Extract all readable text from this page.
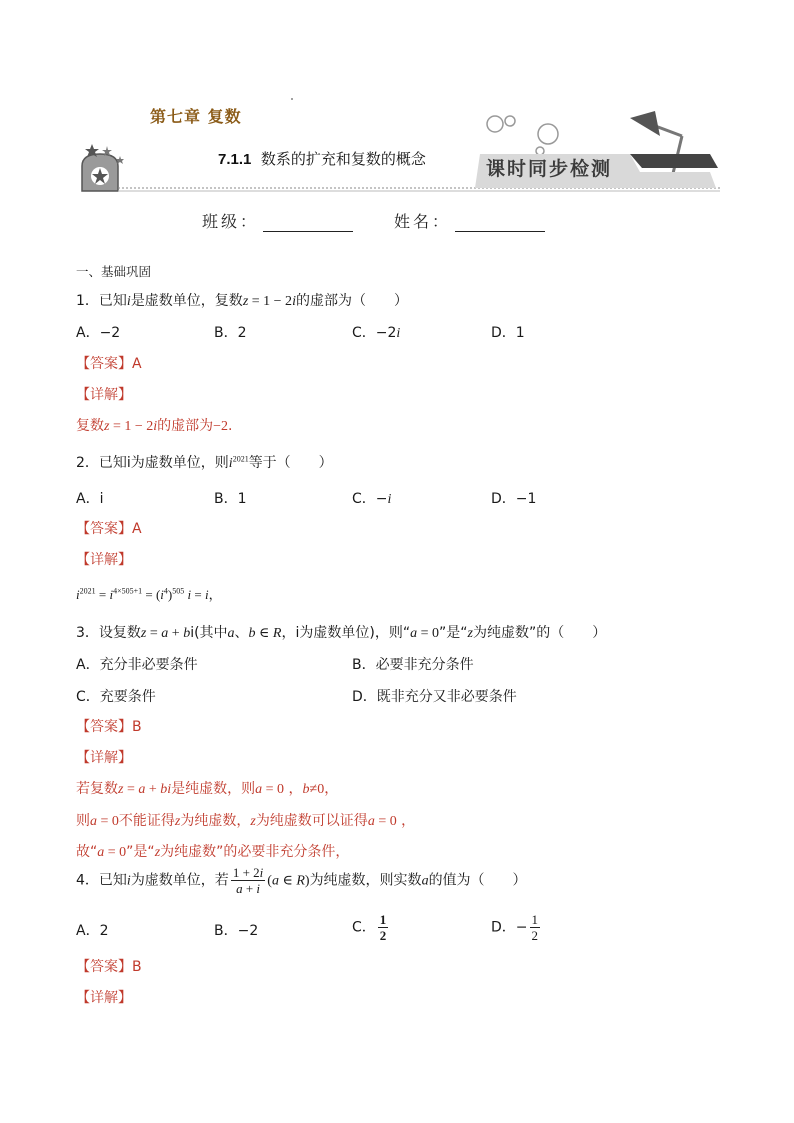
第七章 复数
7.1.1 数系的扩充和复数的概念	课时同步检测
班级：	姓名：
一、基础巩固
1．已知i是虚数单位，复数z = 1 − 2i的虚部为（　　）
A．−2	B．2	C．−2i	D．1
【答案】A
【详解】
复数z = 1 − 2i的虚部为−2.
2．已知i为虚数单位，则$i^{2021}$等于（　　）
A．i	B．1	C．−i	D．−1
【答案】A
【详解】
$i^{2021} = i^{4\times 505+1} = (i^4)^{505}$ i = i，
3．设复数z = a + bi(其中a、b ∈ R，i为虚数单位)，则“a = 0”是“z为纯虚数”的（　　）
A．充分非必要条件	B．必要非充分条件
C．充要条件	D．既非充分又非必要条件
【答案】B
【详解】
若复数z = a + bi是纯虚数，则a = 0 ，b≠0，
则a = 0不能证得z为纯虚数，z为纯虚数可以证得a = 0 ，
故“a = 0”是“z为纯虚数”的必要非充分条件，
4．已知i为虚数单位，若 $\frac{1 + 2i}{a + i} (a$ ∈ R)为纯虚数，则实数a的值为（　　）
A．2	B．−2	C． $\frac{1}{2}$	D．− $\frac{1}{2}$
【答案】B
【详解】
